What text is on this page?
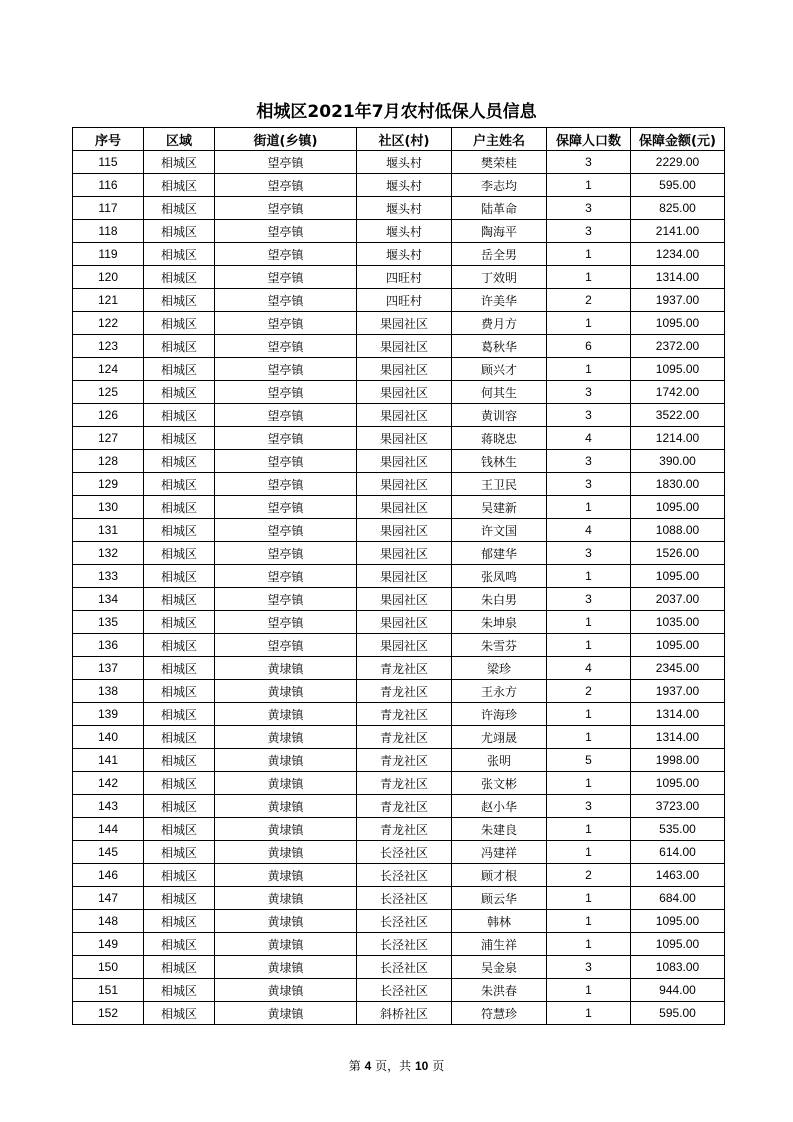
相城区2021年7月农村低保人员信息
序号	区域	街道(乡镇)	社区(村)	户主姓名	保障人口数	保障金额(元)
115	相城区	望亭镇	堰头村	樊荣桂	3	2229.00
116	相城区	望亭镇	堰头村	李志均	1	595.00
117	相城区	望亭镇	堰头村	陆革命	3	825.00
118	相城区	望亭镇	堰头村	陶海平	3	2141.00
119	相城区	望亭镇	堰头村	岳全男	1	1234.00
120	相城区	望亭镇	四旺村	丁效明	1	1314.00
121	相城区	望亭镇	四旺村	许美华	2	1937.00
122	相城区	望亭镇	果园社区	费月方	1	1095.00
123	相城区	望亭镇	果园社区	葛秋华	6	2372.00
124	相城区	望亭镇	果园社区	顾兴才	1	1095.00
125	相城区	望亭镇	果园社区	何其生	3	1742.00
126	相城区	望亭镇	果园社区	黄训容	3	3522.00
127	相城区	望亭镇	果园社区	蒋晓忠	4	1214.00
128	相城区	望亭镇	果园社区	钱林生	3	390.00
129	相城区	望亭镇	果园社区	王卫民	3	1830.00
130	相城区	望亭镇	果园社区	吴建新	1	1095.00
131	相城区	望亭镇	果园社区	许文国	4	1088.00
132	相城区	望亭镇	果园社区	郁建华	3	1526.00
133	相城区	望亭镇	果园社区	张凤鸣	1	1095.00
134	相城区	望亭镇	果园社区	朱白男	3	2037.00
135	相城区	望亭镇	果园社区	朱坤泉	1	1035.00
136	相城区	望亭镇	果园社区	朱雪芬	1	1095.00
137	相城区	黄埭镇	青龙社区	梁珍	4	2345.00
138	相城区	黄埭镇	青龙社区	王永方	2	1937.00
139	相城区	黄埭镇	青龙社区	许海珍	1	1314.00
140	相城区	黄埭镇	青龙社区	尤翊晟	1	1314.00
141	相城区	黄埭镇	青龙社区	张明	5	1998.00
142	相城区	黄埭镇	青龙社区	张文彬	1	1095.00
143	相城区	黄埭镇	青龙社区	赵小华	3	3723.00
144	相城区	黄埭镇	青龙社区	朱建良	1	535.00
145	相城区	黄埭镇	长泾社区	冯建祥	1	614.00
146	相城区	黄埭镇	长泾社区	顾才根	2	1463.00
147	相城区	黄埭镇	长泾社区	顾云华	1	684.00
148	相城区	黄埭镇	长泾社区	韩林	1	1095.00
149	相城区	黄埭镇	长泾社区	浦生祥	1	1095.00
150	相城区	黄埭镇	长泾社区	吴金泉	3	1083.00
151	相城区	黄埭镇	长泾社区	朱洪春	1	944.00
152	相城区	黄埭镇	斜桥社区	符慧珍	1	595.00
第 4 页，共 10 页
